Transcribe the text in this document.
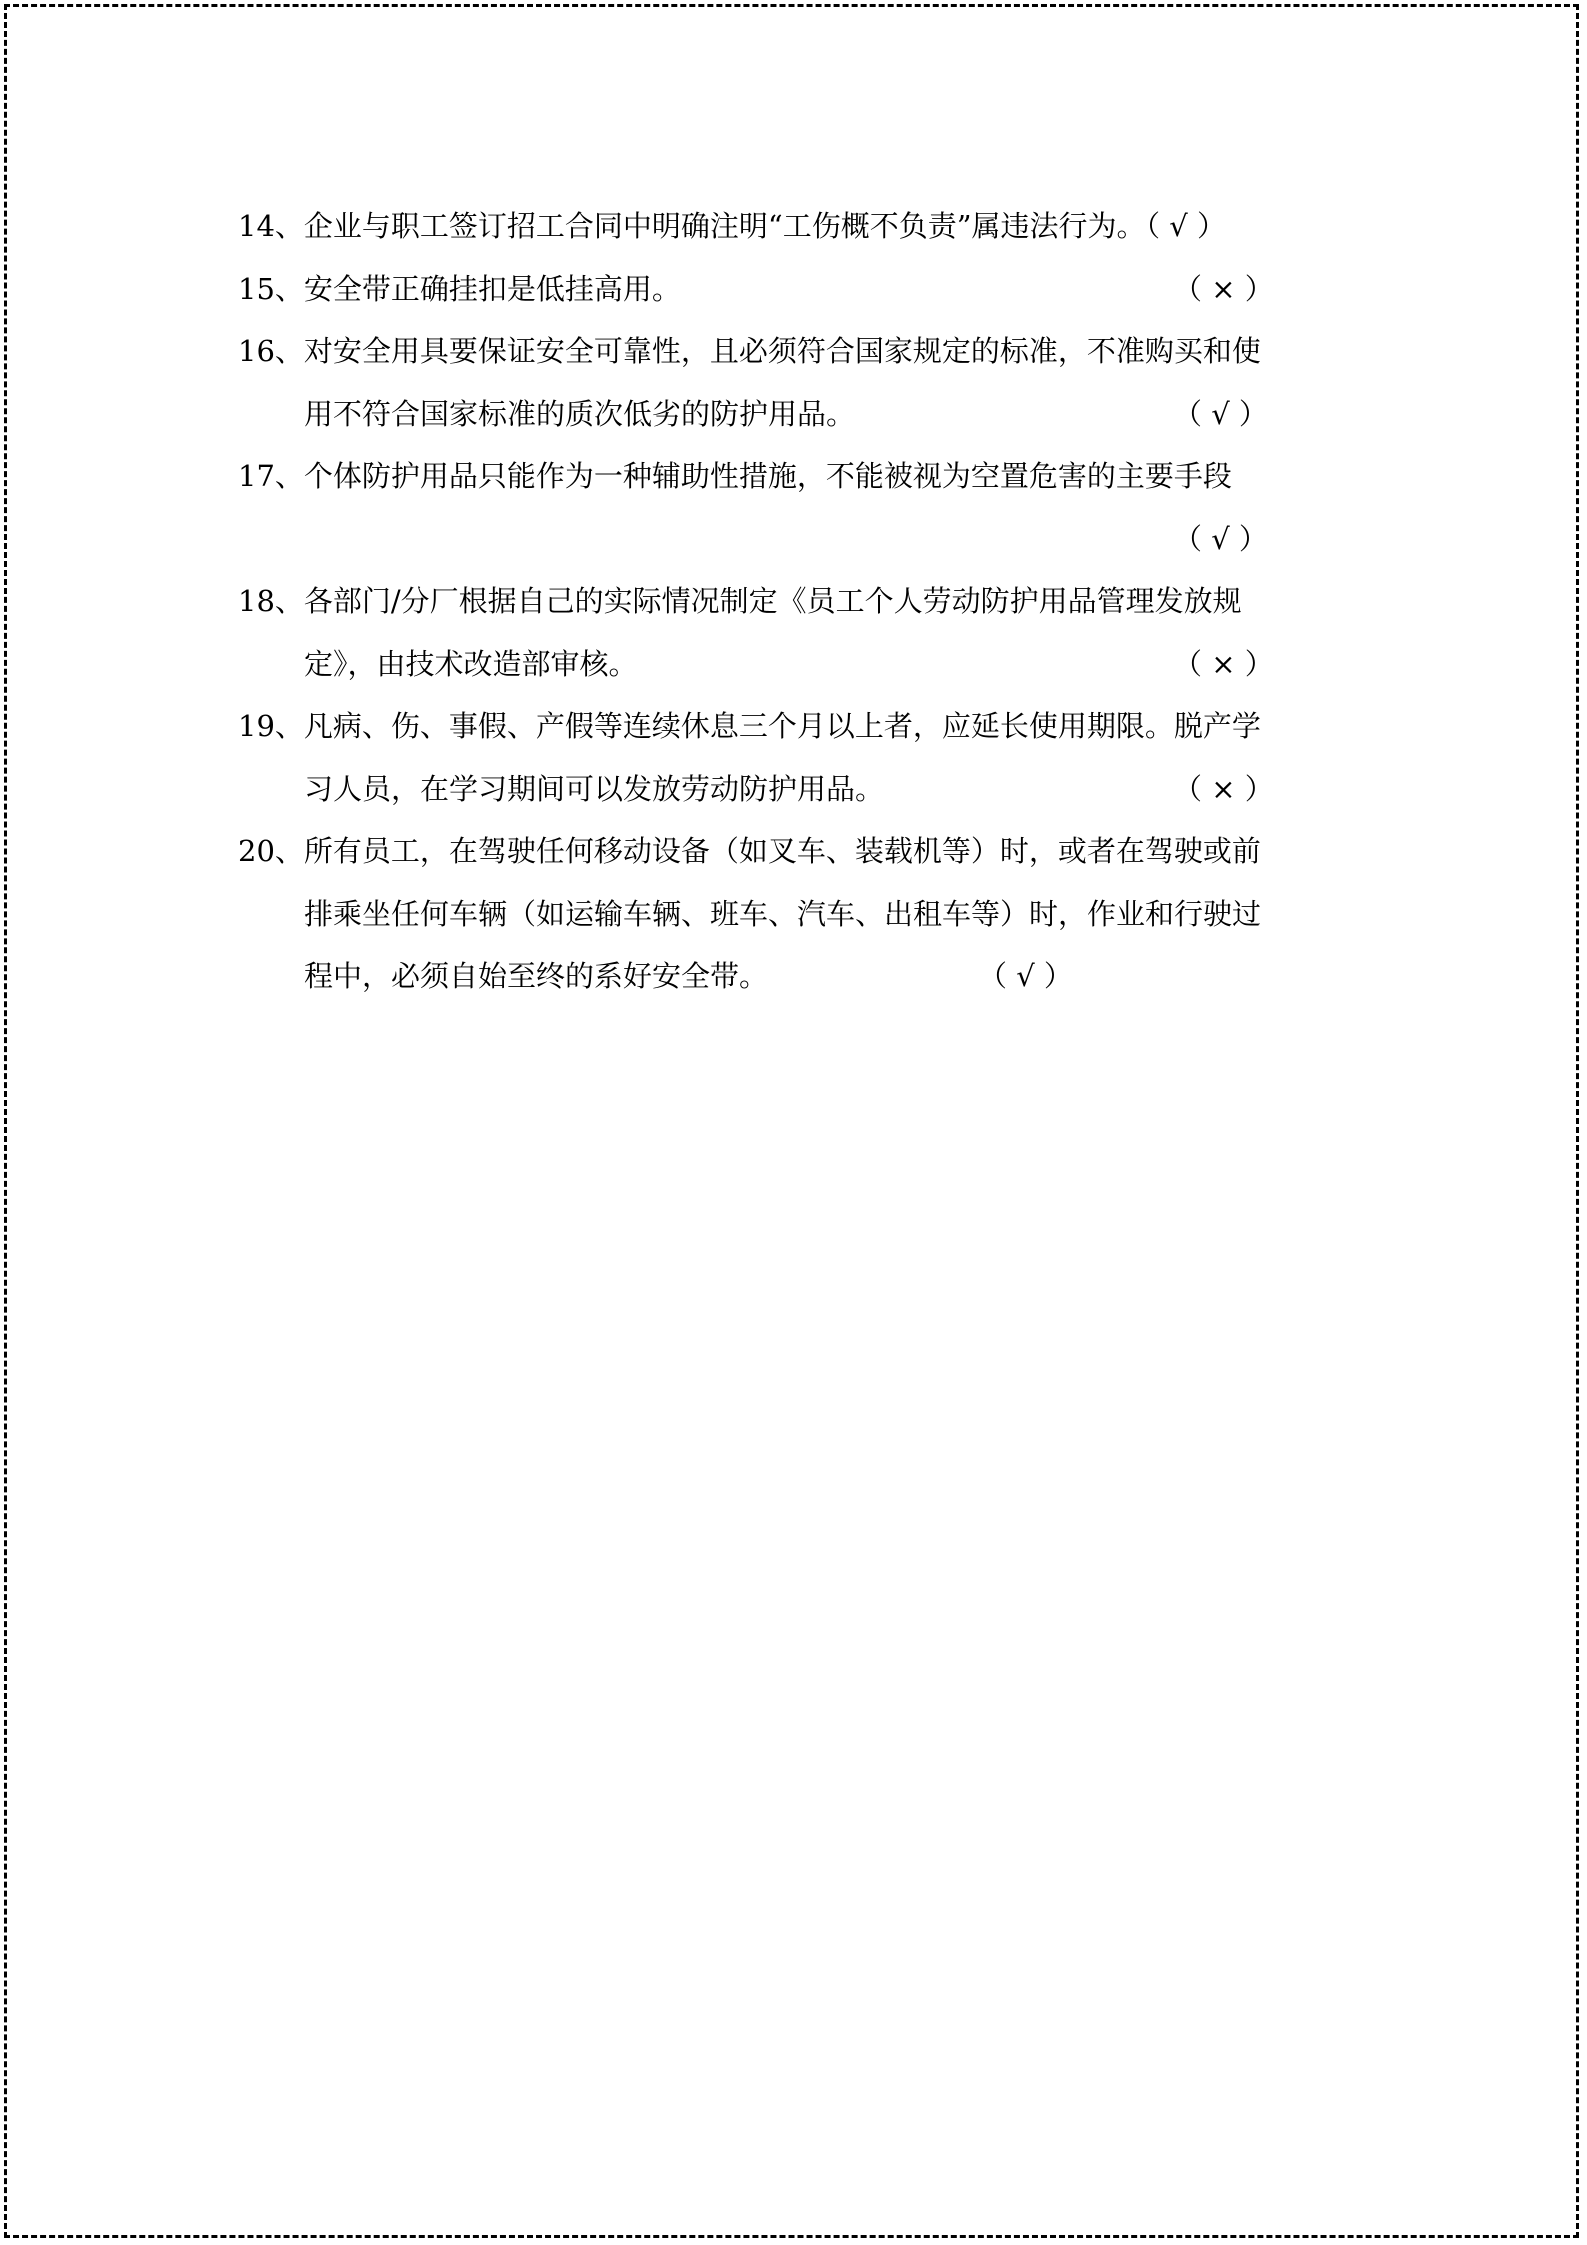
14、企业与职工签订招工合同中明确注明“工伤概不负责”属违法行为。（ √ ）
15、安全带正确挂扣是低挂高用。	（ × ）
16、对安全用具要保证安全可靠性，且必须符合国家规定的标准，不准购买和使
用不符合国家标准的质次低劣的防护用品。	（ √ ）
17、个体防护用品只能作为一种辅助性措施，不能被视为空置危害的主要手段
（ √ ）
18、各部门/分厂根据自己的实际情况制定《员工个人劳动防护用品管理发放规
定》，由技术改造部审核。	（ × ）
19、凡病、伤、事假、产假等连续休息三个月以上者，应延长使用期限。脱产学
习人员，在学习期间可以发放劳动防护用品。	（ × ）
20、所有员工，在驾驶任何移动设备（如叉车、装载机等）时，或者在驾驶或前
排乘坐任何车辆（如运输车辆、班车、汽车、出租车等）时，作业和行驶过
程中，必须自始至终的系好安全带。	（ √ ）
